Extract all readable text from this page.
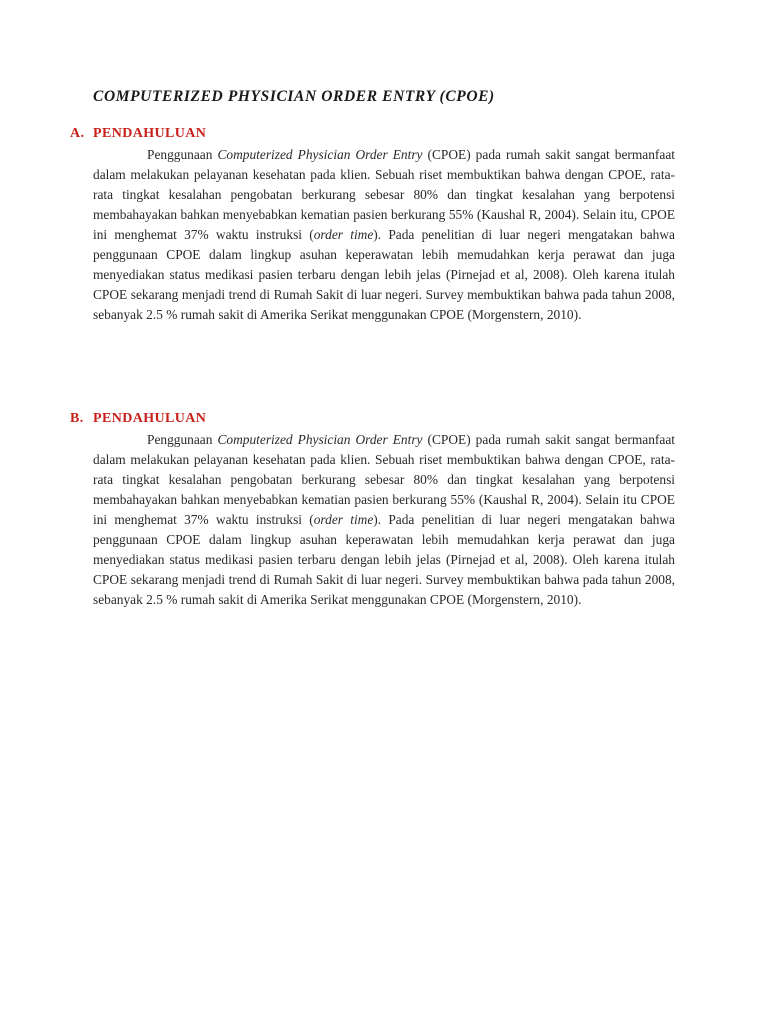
COMPUTERIZED PHYSICIAN ORDER ENTRY (CPOE)
A. PENDAHULUAN

Penggunaan Computerized Physician Order Entry (CPOE) pada rumah sakit sangat bermanfaat dalam melakukan pelayanan kesehatan pada klien. Sebuah riset membuktikan bahwa dengan CPOE, rata-rata tingkat kesalahan pengobatan berkurang sebesar 80% dan tingkat kesalahan yang berpotensi membahayakan bahkan menyebabkan kematian pasien berkurang 55% (Kaushal R, 2004). Selain itu, CPOE ini menghemat 37% waktu instruksi (order time). Pada penelitian di luar negeri mengatakan bahwa penggunaan CPOE dalam lingkup asuhan keperawatan lebih memudahkan kerja perawat dan juga menyediakan status medikasi pasien terbaru dengan lebih jelas (Pirnejad et al, 2008). Oleh karena itulah CPOE sekarang menjadi trend di Rumah Sakit di luar negeri. Survey membuktikan bahwa pada tahun 2008, sebanyak 2.5 % rumah sakit di Amerika Serikat menggunakan CPOE (Morgenstern, 2010).

B. PENDAHULUAN

Penggunaan Computerized Physician Order Entry (CPOE) pada rumah sakit sangat bermanfaat dalam melakukan pelayanan kesehatan pada klien. Sebuah riset membuktikan bahwa dengan CPOE, rata-rata tingkat kesalahan pengobatan berkurang sebesar 80% dan tingkat kesalahan yang berpotensi membahayakan bahkan menyebabkan kematian pasien berkurang 55% (Kaushal R, 2004). Selain itu CPOE ini menghemat 37% waktu instruksi (order time). Pada penelitian di luar negeri mengatakan bahwa penggunaan CPOE dalam lingkup asuhan keperawatan lebih memudahkan kerja perawat dan juga menyediakan status medikasi pasien terbaru dengan lebih jelas (Pirnejad et al, 2008). Oleh karena itulah CPOE sekarang menjadi trend di Rumah Sakit di luar negeri. Survey membuktikan bahwa pada tahun 2008, sebanyak 2.5 % rumah sakit di Amerika Serikat menggunakan CPOE (Morgenstern, 2010).
